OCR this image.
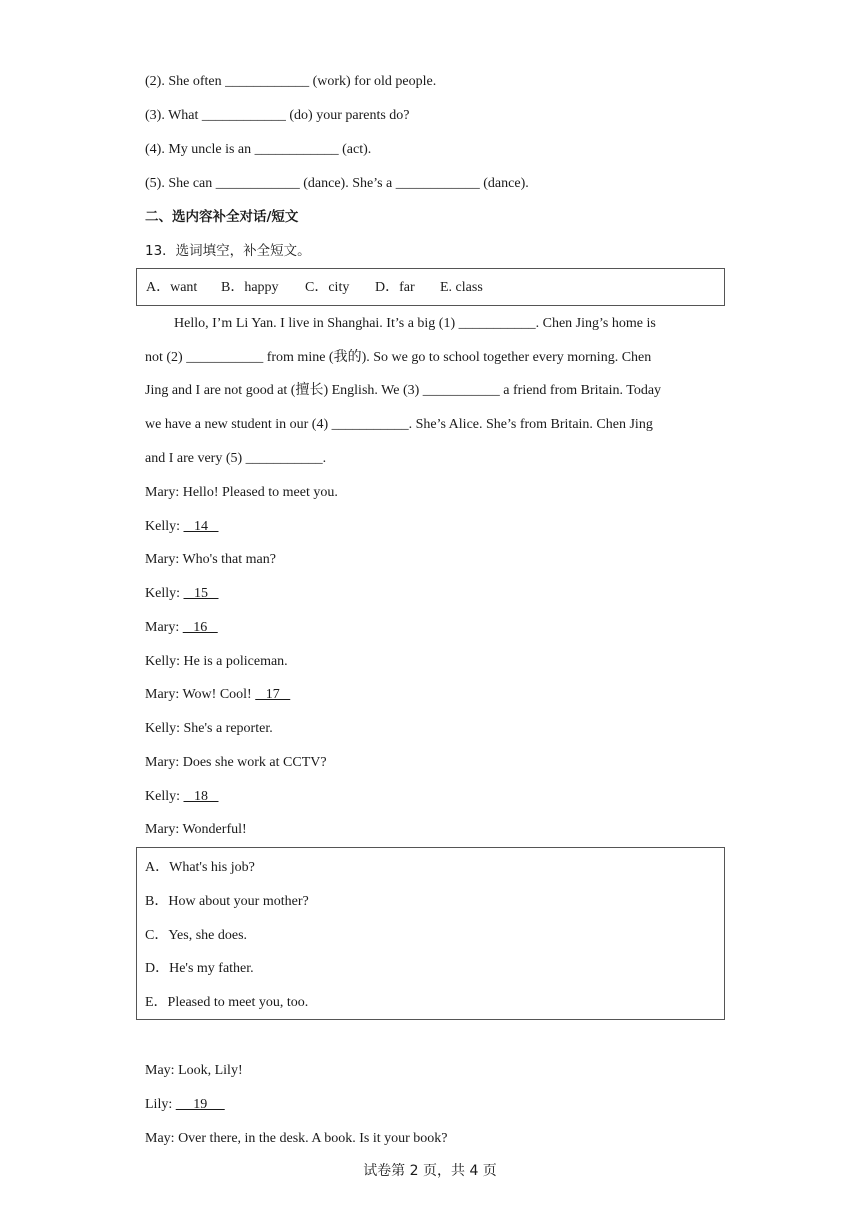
(2). She often ____________ (work) for old people.
(3). What ____________ (do) your parents do?
(4). My uncle is an ____________ (act).
(5). She can ____________ (dance). She’s a ____________ (dance).
二、选内容补全对话/短文
13．选词填空，补全短文。
A．want B．happy C．city D．far E. class
Hello, I’m Li Yan. I live in Shanghai. It’s a big (1) ___________. Chen Jing’s home is
not (2) ___________ from mine (我的). So we go to school together every morning. Chen
Jing and I are not good at (擅长) English. We (3) ___________ a friend from Britain. Today
we have a new student in our (4) ___________. She’s Alice. She’s from Britain. Chen Jing
and I are very (5) ___________.
Mary: Hello! Pleased to meet you.
Kelly:    14
Mary: Who's that man?
Kelly:    15
Mary:    16
Kelly: He is a policeman.
Mary: Wow! Cool!    17
Kelly: She's a reporter.
Mary: Does she work at CCTV?
Kelly:    18
Mary: Wonderful!
A．What's his job?
B．How about your mother?
C．Yes, she does.
D．He's my father.
E．Pleased to meet you, too.
May: Look, Lily!
Lily:      19
May: Over there, in the desk. A book. Is it your book?
试卷第 2 页，共 4 页
